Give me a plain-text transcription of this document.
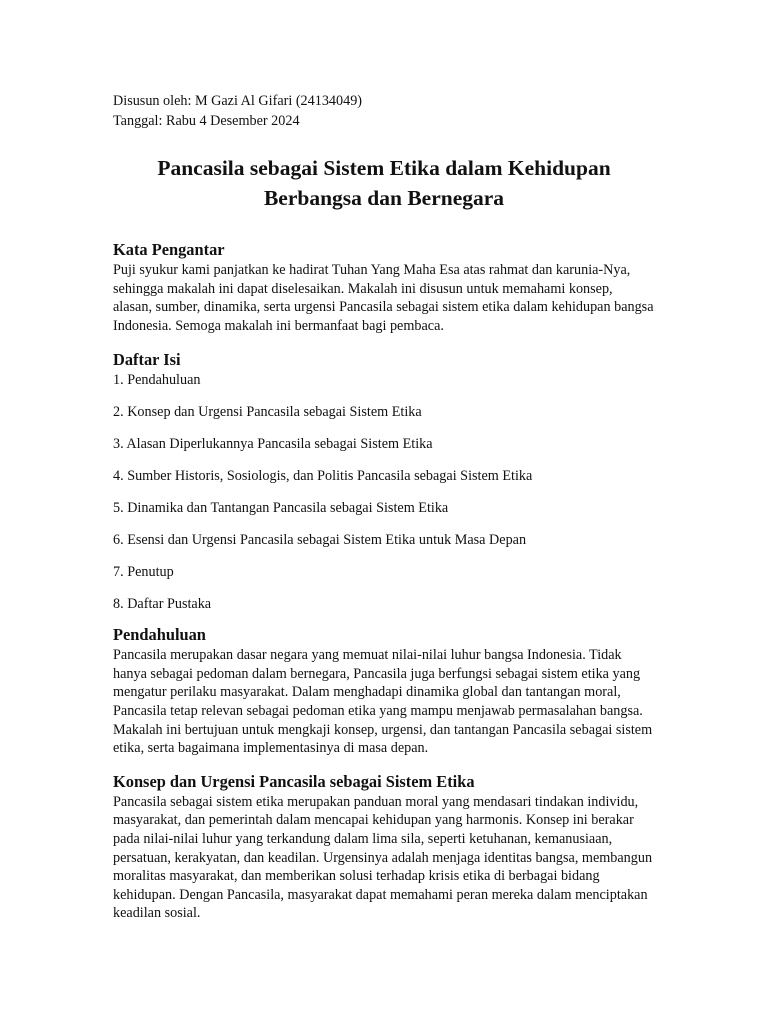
Disusun oleh: M Gazi Al Gifari (24134049)

Tanggal: Rabu 4 Desember 2024

Pancasila sebagai Sistem Etika dalam Kehidupan Berbangsa dan Bernegara
Kata Pengantar

Puji syukur kami panjatkan ke hadirat Tuhan Yang Maha Esa atas rahmat dan karunia-Nya, sehingga makalah ini dapat diselesaikan. Makalah ini disusun untuk memahami konsep, alasan, sumber, dinamika, serta urgensi Pancasila sebagai sistem etika dalam kehidupan bangsa Indonesia. Semoga makalah ini bermanfaat bagi pembaca.

Daftar Isi
1. Pendahuluan
2. Konsep dan Urgensi Pancasila sebagai Sistem Etika
3. Alasan Diperlukannya Pancasila sebagai Sistem Etika
4. Sumber Historis, Sosiologis, dan Politis Pancasila sebagai Sistem Etika
5. Dinamika dan Tantangan Pancasila sebagai Sistem Etika
6. Esensi dan Urgensi Pancasila sebagai Sistem Etika untuk Masa Depan
7. Penutup
8. Daftar Pustaka
Pendahuluan

Pancasila merupakan dasar negara yang memuat nilai-nilai luhur bangsa Indonesia. Tidak hanya sebagai pedoman dalam bernegara, Pancasila juga berfungsi sebagai sistem etika yang mengatur perilaku masyarakat. Dalam menghadapi dinamika global dan tantangan moral, Pancasila tetap relevan sebagai pedoman etika yang mampu menjawab permasalahan bangsa. Makalah ini bertujuan untuk mengkaji konsep, urgensi, dan tantangan Pancasila sebagai sistem etika, serta bagaimana implementasinya di masa depan.

Konsep dan Urgensi Pancasila sebagai Sistem Etika

Pancasila sebagai sistem etika merupakan panduan moral yang mendasari tindakan individu, masyarakat, dan pemerintah dalam mencapai kehidupan yang harmonis. Konsep ini berakar pada nilai-nilai luhur yang terkandung dalam lima sila, seperti ketuhanan, kemanusiaan, persatuan, kerakyatan, dan keadilan. Urgensinya adalah menjaga identitas bangsa, membangun moralitas masyarakat, dan memberikan solusi terhadap krisis etika di berbagai bidang kehidupan. Dengan Pancasila, masyarakat dapat memahami peran mereka dalam menciptakan keadilan sosial.
